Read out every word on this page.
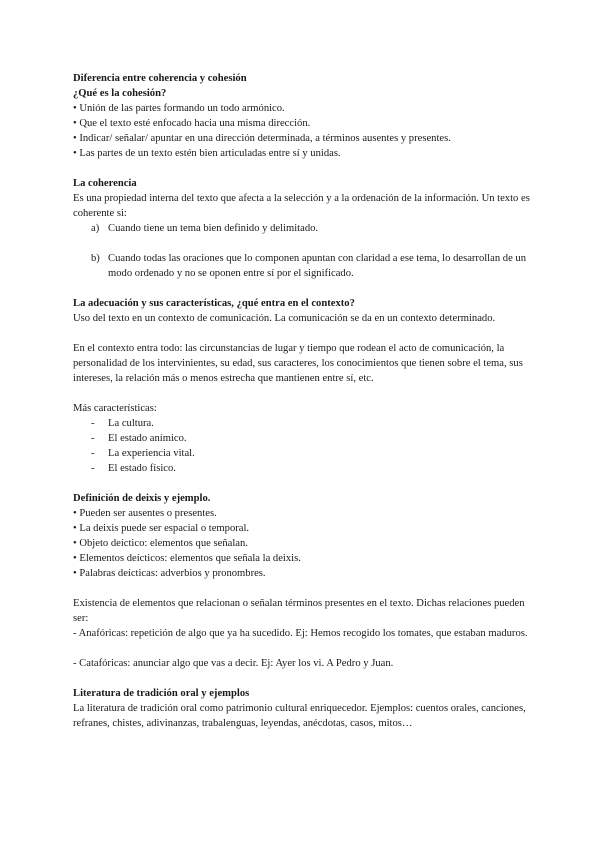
Diferencia entre coherencia y cohesión
¿Qué es la cohesión?
• Unión de las partes formando un todo armónico.
• Que el texto esté enfocado hacia una misma dirección.
• Indicar/ señalar/ apuntar en una dirección determinada, a términos ausentes y presentes.
• Las partes de un texto estén bien articuladas entre sí y unidas.
La coherencia

Es una propiedad interna del texto que afecta a la selección y a la ordenación de la información. Un texto es coherente si:

a) Cuando tiene un tema bien definido y delimitado.
b) Cuando todas las oraciones que lo componen apuntan con claridad a ese tema, lo desarrollan de un modo ordenado y no se oponen entre sí por el significado.
La adecuación y sus características, ¿qué entra en el contexto?

Uso del texto en un contexto de comunicación. La comunicación se da en un contexto determinado.

En el contexto entra todo: las circunstancias de lugar y tiempo que rodean el acto de comunicación, la personalidad de los intervinientes, su edad, sus caracteres, los conocimientos que tienen sobre el tema, sus intereses, la relación más o menos estrecha que mantienen entre sí, etc.

Más características:
-	La cultura.
-	El estado anímico.
-	La experiencia vital.
-	El estado físico.
Definición de deixis y ejemplo.
• Pueden ser ausentes o presentes.
• La deixis puede ser espacial o temporal.
• Objeto deíctico: elementos que señalan.
• Elementos deícticos: elementos que señala la deixis.
• Palabras deícticas: adverbios y pronombres.

Existencia de elementos que relacionan o señalan términos presentes en el texto. Dichas relaciones pueden ser:

- Anafóricas: repetición de algo que ya ha sucedido. Ej: Hemos recogido los tomates, que estaban maduros.

- Catafóricas: anunciar algo que vas a decir. Ej: Ayer los vi. A Pedro y Juan.

Literatura de tradición oral y ejemplos

La literatura de tradición oral como patrimonio cultural enriquecedor. Ejemplos: cuentos orales, canciones, refranes, chistes, adivinanzas, trabalenguas, leyendas, anécdotas, casos, mitos…
